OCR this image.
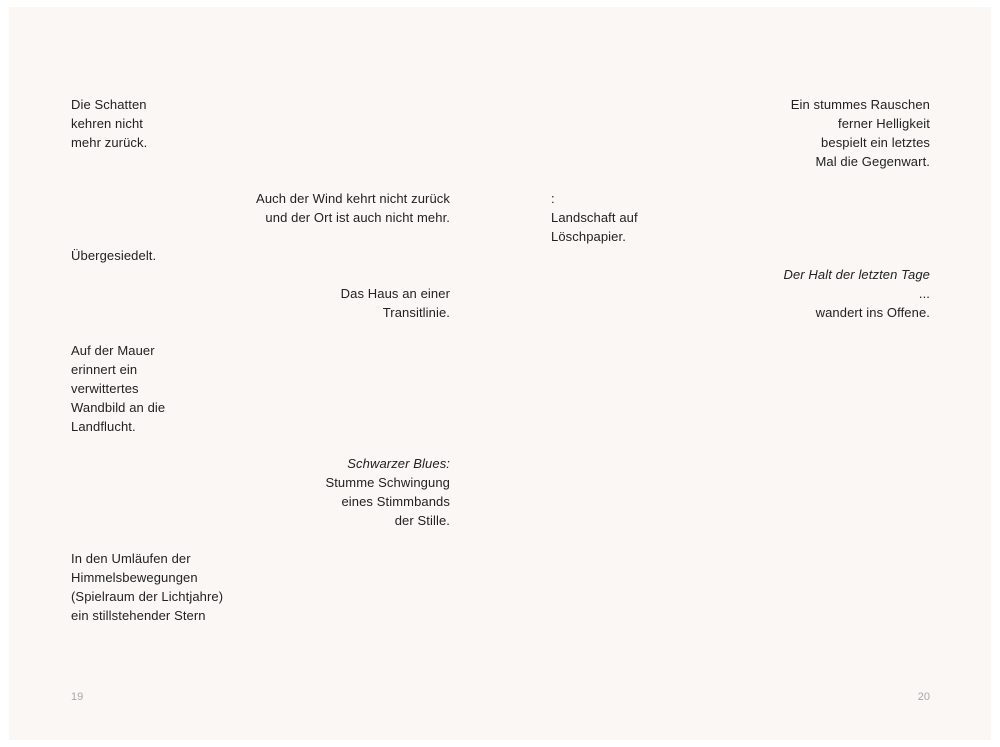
Die Schatten
kehren nicht
mehr zurück.
Auch der Wind kehrt nicht zurück
und der Ort ist auch nicht mehr.
Übergesiedelt.
Das Haus an einer
Transitlinie.
Auf der Mauer
erinnert ein
verwittertes
Wandbild an die
Landflucht.
Schwarzer Blues:
Stumme Schwingung
eines Stimmbands
der Stille.
In den Umläufen der
Himmelsbewegungen
(Spielraum der Lichtjahre)
ein stillstehender Stern
19
Ein stummes Rauschen
ferner Helligkeit
bespielt ein letztes
Mal die Gegenwart.
:
Landschaft auf
Löschpapier.
Der Halt der letzten Tage
...
wandert ins Offene.
20
